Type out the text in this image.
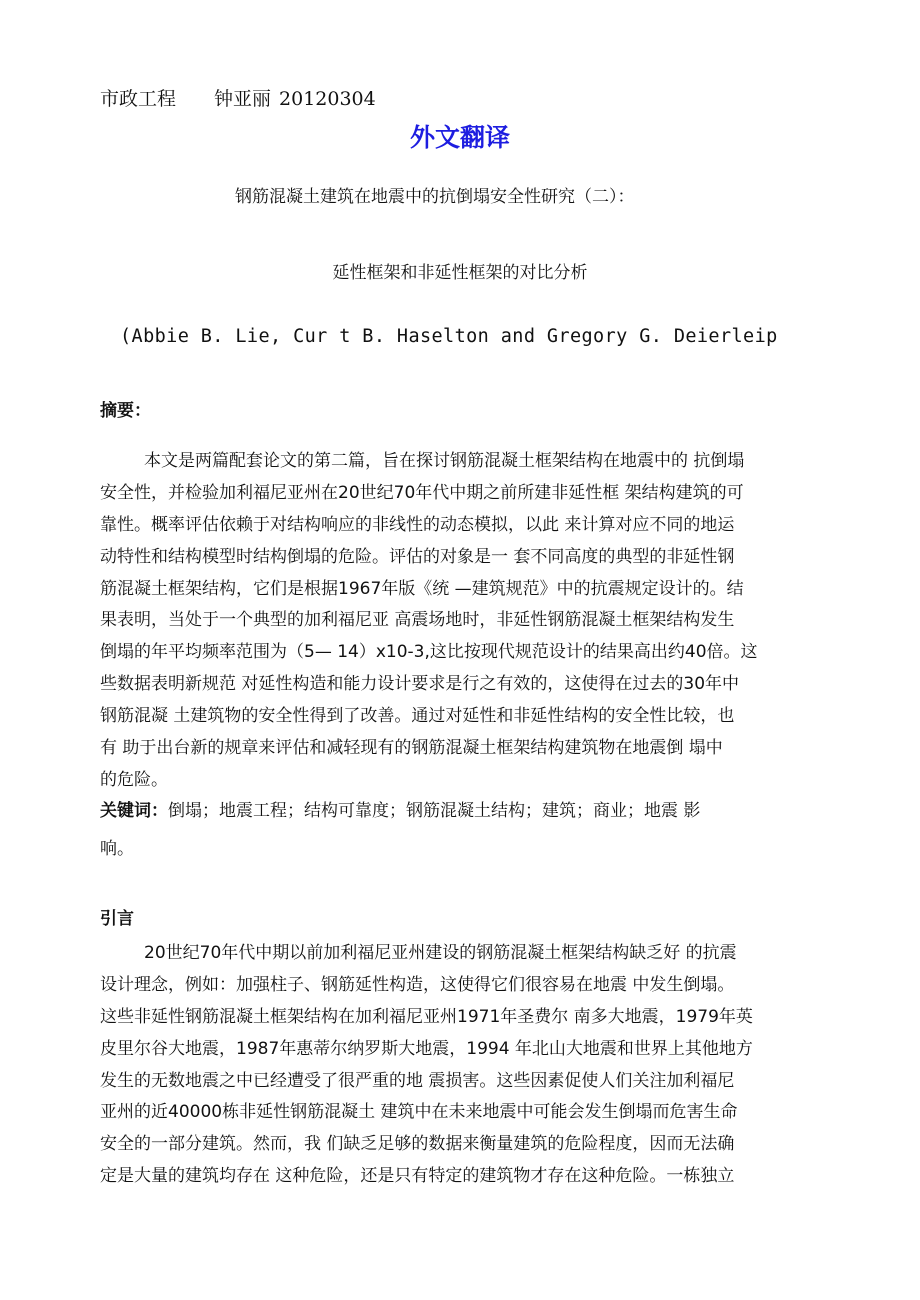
市政工程 钟亚丽 20120304
外文翻译
钢筋混凝土建筑在地震中的抗倒塌安全性研究（二）：
延性框架和非延性框架的对比分析
(Abbie B. Lie, Cur t B. Haseltоn and Gregory G. Deierleip
摘要：
本文是两篇配套论文的第二篇，旨在探讨钢筋混凝土框架结构在地震中的 抗倒塌
安全性，并检验加利福尼亚州在20世纪70年代中期之前所建非延性框 架结构建筑的可
靠性。概率评估依赖于对结构响应的非线性的动态模拟，以此 来计算对应不同的地运
动特性和结构模型时结构倒塌的危险。评估的对象是一 套不同高度的典型的非延性钢
筋混凝土框架结构，它们是根据1967年版《统 —建筑规范》中的抗震规定设计的。结
果表明，当处于一个典型的加利福尼亚 高震场地时，非延性钢筋混凝土框架结构发生
倒塌的年平均频率范围为（5— 14）x10-3,这比按现代规范设计的结果高出约40倍。这
些数据表明新规范 对延性构造和能力设计要求是行之有效的，这使得在过去的30年中
钢筋混凝 土建筑物的安全性得到了改善。通过对延性和非延性结构的安全性比较，也
有 助于出台新的规章来评估和减轻现有的钢筋混凝土框架结构建筑物在地震倒 塌中
的危险。
关键词：倒塌；地震工程；结构可靠度；钢筋混凝土结构；建筑；商业；地震 影
响。
引言
20世纪70年代中期以前加利福尼亚州建设的钢筋混凝土框架结构缺乏好 的抗震
设计理念，例如：加强柱子、钢筋延性构造，这使得它们很容易在地震 中发生倒塌。
这些非延性钢筋混凝土框架结构在加利福尼亚州1971年圣费尔 南多大地震，1979年英
皮里尔谷大地震，1987年惠蒂尔纳罗斯大地震，1994 年北山大地震和世界上其他地方
发生的无数地震之中已经遭受了很严重的地 震损害。这些因素促使人们关注加利福尼
亚州的近40000栋非延性钢筋混凝土 建筑中在未来地震中可能会发生倒塌而危害生命
安全的一部分建筑。然而，我 们缺乏足够的数据来衡量建筑的危险程度，因而无法确
定是大量的建筑均存在 这种危险，还是只有特定的建筑物才存在这种危险。一栋独立
